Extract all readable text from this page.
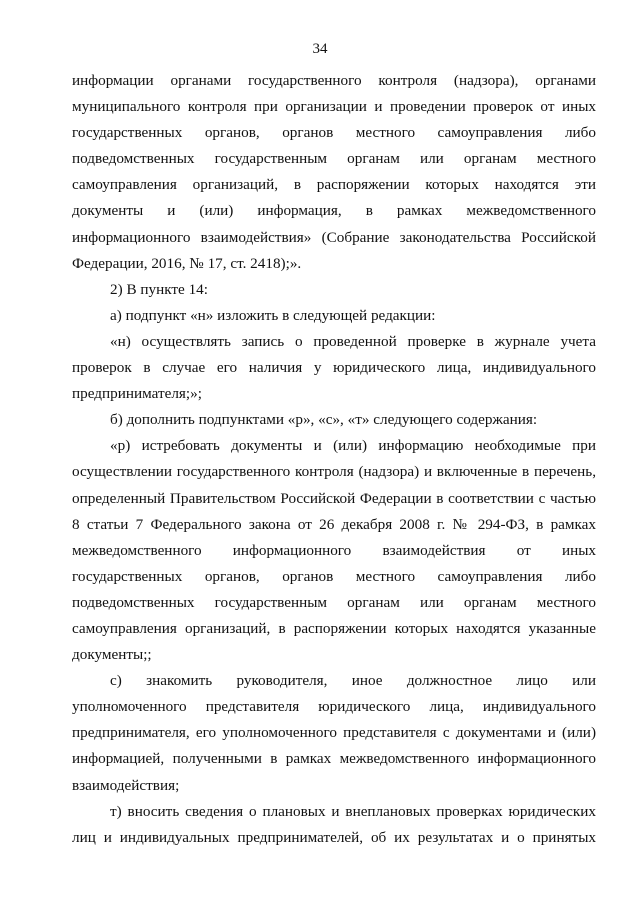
34
информации органами государственного контроля (надзора), органами
муниципального контроля при организации и проведении проверок от иных
государственных органов, органов местного самоуправления либо
подведомственных государственным органам или органам местного
самоуправления организаций, в распоряжении которых находятся эти
документы и (или) информация, в рамках межведомственного
информационного взаимодействия» (Собрание законодательства Российской
Федерации, 2016, № 17, ст. 2418);».
2) В пункте 14:
а) подпункт «н» изложить в следующей редакции:
«н) осуществлять запись о проведенной проверке в журнале учета
проверок в случае его наличия у юридического лица, индивидуального
предпринимателя;»;
б) дополнить подпунктами «р», «с», «т» следующего содержания:
«р) истребовать документы и (или) информацию необходимые при
осуществлении государственного контроля (надзора) и включенные в перечень,
определенный Правительством Российской Федерации в соответствии с частью
8 статьи 7 Федерального закона от 26 декабря 2008 г. № 294-ФЗ, в рамках
межведомственного информационного взаимодействия от иных
государственных органов, органов местного самоуправления либо
подведомственных государственным органам или органам местного
самоуправления организаций, в распоряжении которых находятся указанные
документы;;
с) знакомить руководителя, иное должностное лицо или
уполномоченного представителя юридического лица, индивидуального
предпринимателя, его уполномоченного представителя с документами и (или)
информацией, полученными в рамках межведомственного информационного
взаимодействия;
т) вносить сведения о плановых и внеплановых проверках юридических
лиц и индивидуальных предпринимателей, об их результатах и о принятых
